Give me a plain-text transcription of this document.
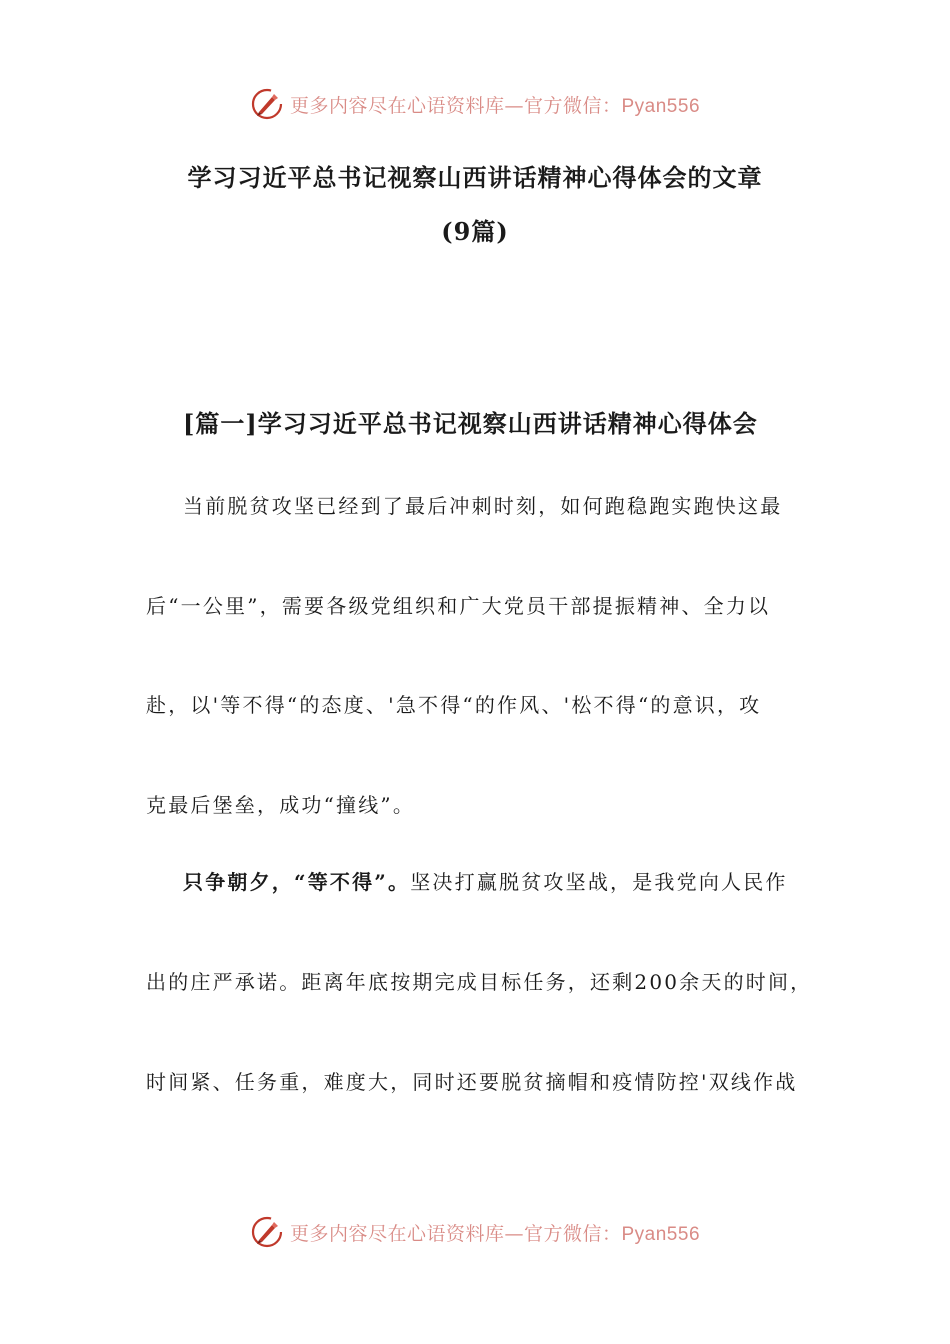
更多内容尽在心语资料库—官方微信：Pyan556
学习习近平总书记视察山西讲话精神心得体会的文章
(9篇)
[篇一]学习习近平总书记视察山西讲话精神心得体会
当前脱贫攻坚已经到了最后冲刺时刻，如何跑稳跑实跑快这最
后“一公里”，需要各级党组织和广大党员干部提振精神、全力以
赴，以'等不得“的态度、'急不得“的作风、'松不得“的意识，攻
克最后堡垒，成功“撞线”。
只争朝夕，“等不得”。坚决打赢脱贫攻坚战，是我党向人民作
出的庄严承诺。距离年底按期完成目标任务，还剩200余天的时间，
时间紧、任务重，难度大，同时还要脱贫摘帽和疫情防控'双线作战
更多内容尽在心语资料库—官方微信：Pyan556
